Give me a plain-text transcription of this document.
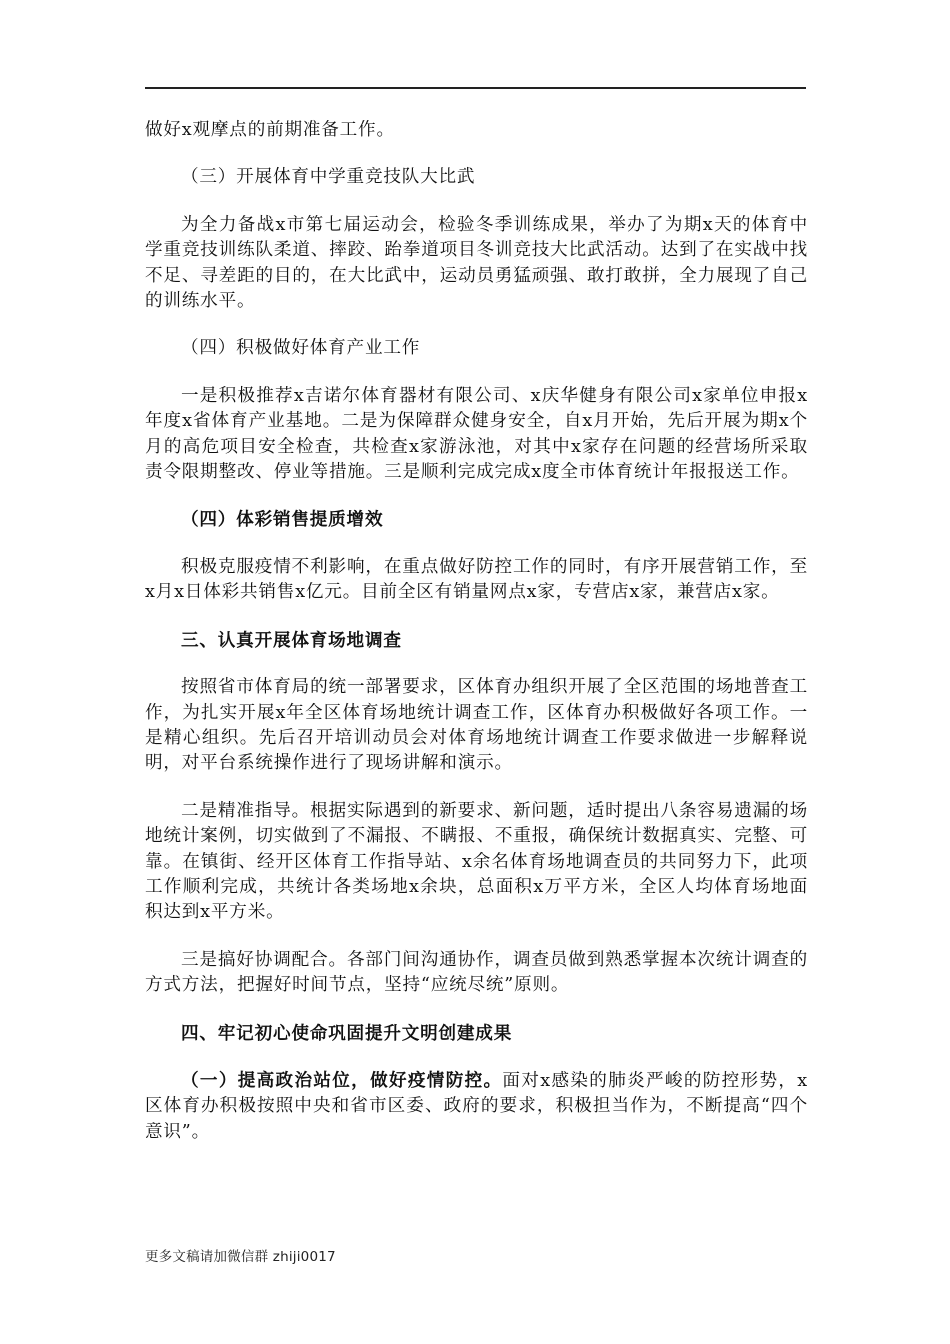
做好x观摩点的前期准备工作。

（三）开展体育中学重竞技队大比武

为全力备战x市第七届运动会，检验冬季训练成果，举办了为期x天的体育中学重竞技训练队柔道、摔跤、跆拳道项目冬训竞技大比武活动。达到了在实战中找不足、寻差距的目的，在大比武中，运动员勇猛顽强、敢打敢拼，全力展现了自己的训练水平。

（四）积极做好体育产业工作

一是积极推荐x吉诺尔体育器材有限公司、x庆华健身有限公司x家单位申报x年度x省体育产业基地。二是为保障群众健身安全，自x月开始，先后开展为期x个月的高危项目安全检查，共检查x家游泳池，对其中x家存在问题的经营场所采取责令限期整改、停业等措施。三是顺利完成完成x度全市体育统计年报报送工作。

（四）体彩销售提质增效

积极克服疫情不利影响，在重点做好防控工作的同时，有序开展营销工作，至x月x日体彩共销售x亿元。目前全区有销量网点x家，专营店x家，兼营店x家。

三、认真开展体育场地调查

按照省市体育局的统一部署要求，区体育办组织开展了全区范围的场地普查工作，为扎实开展x年全区体育场地统计调查工作，区体育办积极做好各项工作。一是精心组织。先后召开培训动员会对体育场地统计调查工作要求做进一步解释说明，对平台系统操作进行了现场讲解和演示。

二是精准指导。根据实际遇到的新要求、新问题，适时提出八条容易遗漏的场地统计案例，切实做到了不漏报、不瞒报、不重报，确保统计数据真实、完整、可靠。在镇街、经开区体育工作指导站、x余名体育场地调查员的共同努力下，此项工作顺利完成，共统计各类场地x余块，总面积x万平方米，全区人均体育场地面积达到x平方米。

三是搞好协调配合。各部门间沟通协作，调查员做到熟悉掌握本次统计调查的方式方法，把握好时间节点，坚持“应统尽统”原则。

四、牢记初心使命巩固提升文明创建成果

（一）提高政治站位，做好疫情防控。面对x感染的肺炎严峻的防控形势，x区体育办积极按照中央和省市区委、政府的要求，积极担当作为，不断提高“四个意识”。

更多文稿请加微信群 zhiji0017
